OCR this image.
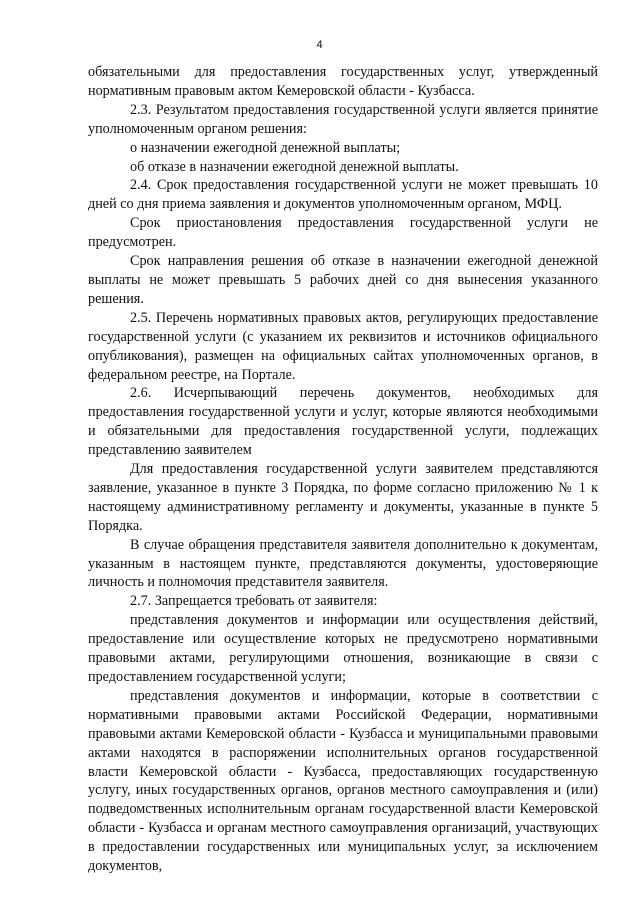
4

обязательными для предоставления государственных услуг, утвержденный нормативным правовым актом Кемеровской области - Кузбасса.

2.3. Результатом предоставления государственной услуги является принятие уполномоченным органом решения:

о назначении ежегодной денежной выплаты;

об отказе в назначении ежегодной денежной выплаты.

2.4. Срок предоставления государственной услуги не может превышать 10 дней со дня приема заявления и документов уполномоченным органом, МФЦ.

Срок приостановления предоставления государственной услуги не предусмотрен.

Срок направления решения об отказе в назначении ежегодной денежной выплаты не может превышать 5 рабочих дней со дня вынесения указанного решения.

2.5. Перечень нормативных правовых актов, регулирующих предоставление государственной услуги (с указанием их реквизитов и источников официального опубликования), размещен на официальных сайтах уполномоченных органов, в федеральном реестре, на Портале.

2.6. Исчерпывающий перечень документов, необходимых для предоставления государственной услуги и услуг, которые являются необходимыми и обязательными для предоставления государственной услуги, подлежащих представлению заявителем

Для предоставления государственной услуги заявителем представляются заявление, указанное в пункте 3 Порядка, по форме согласно приложению № 1 к настоящему административному регламенту и документы, указанные в пункте 5 Порядка.

В случае обращения представителя заявителя дополнительно к документам, указанным в настоящем пункте, представляются документы, удостоверяющие личность и полномочия представителя заявителя.

2.7. Запрещается требовать от заявителя:

представления документов и информации или осуществления действий, предоставление или осуществление которых не предусмотрено нормативными правовыми актами, регулирующими отношения, возникающие в связи с предоставлением государственной услуги;

представления документов и информации, которые в соответствии с нормативными правовыми актами Российской Федерации, нормативными правовыми актами Кемеровской области - Кузбасса и муниципальными правовыми актами находятся в распоряжении исполнительных органов государственной власти Кемеровской области - Кузбасса, предоставляющих государственную услугу, иных государственных органов, органов местного самоуправления и (или) подведомственных исполнительным органам государственной власти Кемеровской области - Кузбасса и органам местного самоуправления организаций, участвующих в предоставлении государственных или муниципальных услуг, за исключением документов,
